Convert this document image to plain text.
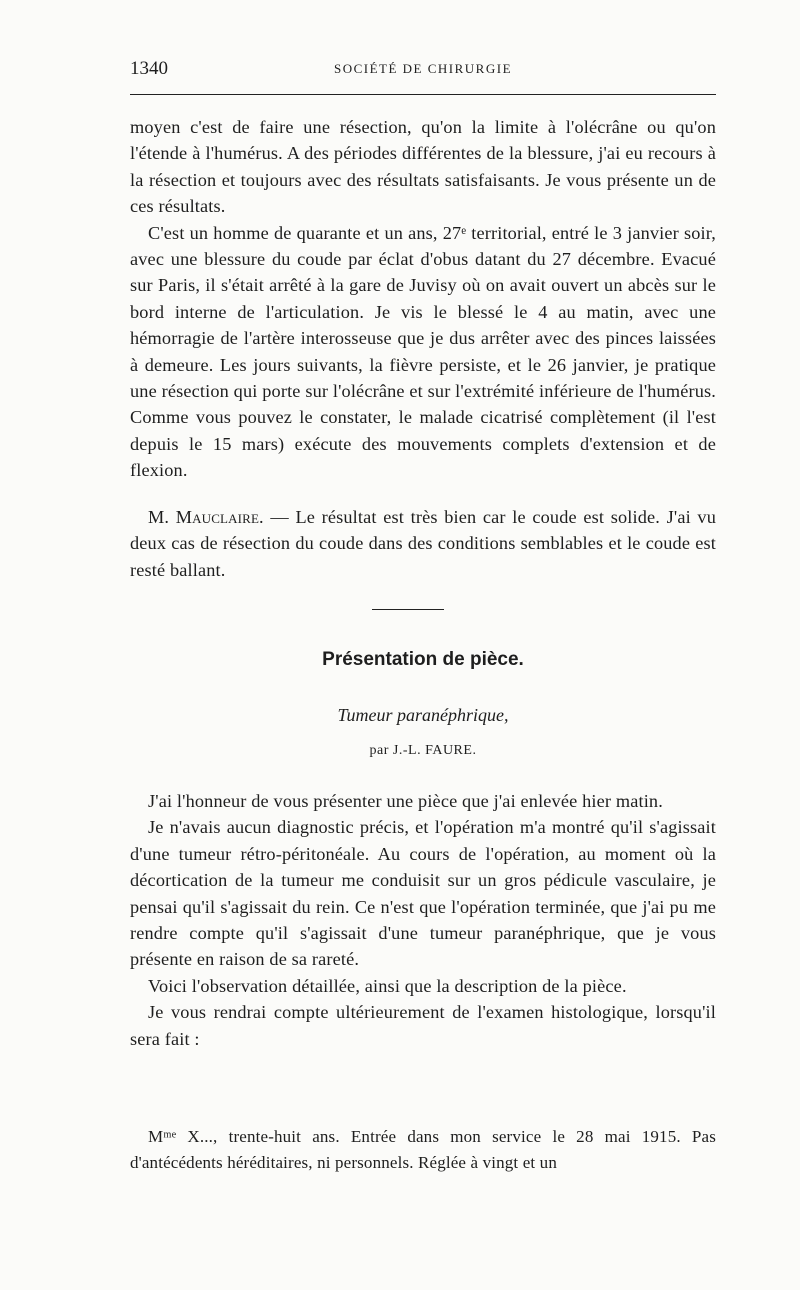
1340	SOCIÉTÉ DE CHIRURGIE

moyen c'est de faire une résection, qu'on la limite à l'olécrâne ou qu'on l'étende à l'humérus. A des périodes différentes de la blessure, j'ai eu recours à la résection et toujours avec des résultats satisfaisants. Je vous présente un de ces résultats.

C'est un homme de quarante et un ans, 27ᵉ territorial, entré le 3 janvier soir, avec une blessure du coude par éclat d'obus datant du 27 décembre. Evacué sur Paris, il s'était arrêté à la gare de Juvisy où on avait ouvert un abcès sur le bord interne de l'articulation. Je vis le blessé le 4 au matin, avec une hémorragie de l'artère interosseuse que je dus arrêter avec des pinces laissées à demeure. Les jours suivants, la fièvre persiste, et le 26 janvier, je pratique une résection qui porte sur l'olécrâne et sur l'extrémité inférieure de l'humérus. Comme vous pouvez le constater, le malade cicatrisé complètement (il l'est depuis le 15 mars) exécute des mouvements complets d'extension et de flexion.

M. Mauclaire. — Le résultat est très bien car le coude est solide. J'ai vu deux cas de résection du coude dans des conditions semblables et le coude est resté ballant.

Présentation de pièce.
Tumeur paranéphrique,
par J.-L. FAURE.

J'ai l'honneur de vous présenter une pièce que j'ai enlevée hier matin.

Je n'avais aucun diagnostic précis, et l'opération m'a montré qu'il s'agissait d'une tumeur rétro-péritonéale. Au cours de l'opération, au moment où la décortication de la tumeur me conduisit sur un gros pédicule vasculaire, je pensai qu'il s'agissait du rein. Ce n'est que l'opération terminée, que j'ai pu me rendre compte qu'il s'agissait d'une tumeur paranéphrique, que je vous présente en raison de sa rareté.

Voici l'observation détaillée, ainsi que la description de la pièce.

Je vous rendrai compte ultérieurement de l'examen histologique, lorsqu'il sera fait :

Mᵐᵉ X..., trente-huit ans. Entrée dans mon service le 28 mai 1915. Pas d'antécédents héréditaires, ni personnels. Réglée à vingt et un
